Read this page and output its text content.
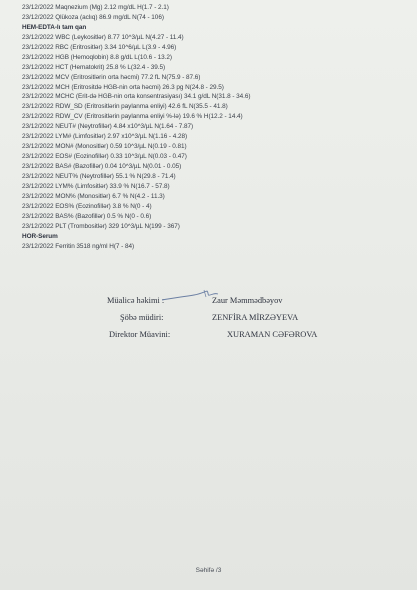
23/12/2022 Maqnezium (Mg) 2.12 mg/dL H(1.7 - 2.1)
23/12/2022 Qlükoza (aclıq) 86.9 mg/dL N(74 - 106)
HEM-EDTA-lı tam qan
23/12/2022 WBC (Leykositlər) 8.77 10^3/µL N(4.27 - 11.4)
23/12/2022 RBC (Eritrositlər) 3.34 10^6/µL L(3.9 - 4.96)
23/12/2022 HGB (Hemoqlobin) 8.8 g/dL L(10.6 - 13.2)
23/12/2022 HCT (Hematokrit) 25.8 % L(32.4 - 39.5)
23/12/2022 MCV (Eritrositlərin orta həcmi) 77.2 fL N(75.9 - 87.6)
23/12/2022 MCH (Eritrositdə HGB-nin orta həcmi) 26.3 pg N(24.8 - 29.5)
23/12/2022 MCHC (Erit-də HGB-nin orta konsentrasiyası) 34.1 g/dL N(31.8 - 34.6)
23/12/2022 RDW_SD (Eritrositlərin paylanma enliyi) 42.6 fL N(35.5 - 41.8)
23/12/2022 RDW_CV (Eritrositlərin paylanma enliyi %-lə) 19.6 % H(12.2 - 14.4)
23/12/2022 NEUT# (Neytrofillər) 4.84 x10^3/µL N(1.64 - 7.87)
23/12/2022 LYM# (Limfositlər) 2.97 x10^3/µL N(1.16 - 4.28)
23/12/2022 MON# (Monositlər) 0.59 10^3/µL N(0.19 - 0.81)
23/12/2022 EOS# (Eozinofillər) 0.33 10^3/µL N(0.03 - 0.47)
23/12/2022 BAS# (Bazofillər) 0.04 10^3/µL N(0.01 - 0.05)
23/12/2022 NEUT% (Neytrofillər) 55.1 % N(29.8 - 71.4)
23/12/2022 LYM% (Limfositlər) 33.9 % N(16.7 - 57.8)
23/12/2022 MON% (Monositlər) 6.7 % N(4.2 - 11.3)
23/12/2022 EOS% (Eozinofillər) 3.8 % N(0 - 4)
23/12/2022 BAS% (Bazofillər) 0.5 % N(0 - 0.6)
23/12/2022 PLT (Trombositlər) 329 10^3/µL N(199 - 367)
HOR-Serum
23/12/2022 Ferritin 3518 ng/ml H(7 - 84)
Müalicə həkimi :	Zaur Məmmədbəyov
Şöbə müdiri:	ZENFİRA MİRZƏYEVA
Direktor Müavini:	XURAMAN CƏFƏROVA
Səhifə /3
